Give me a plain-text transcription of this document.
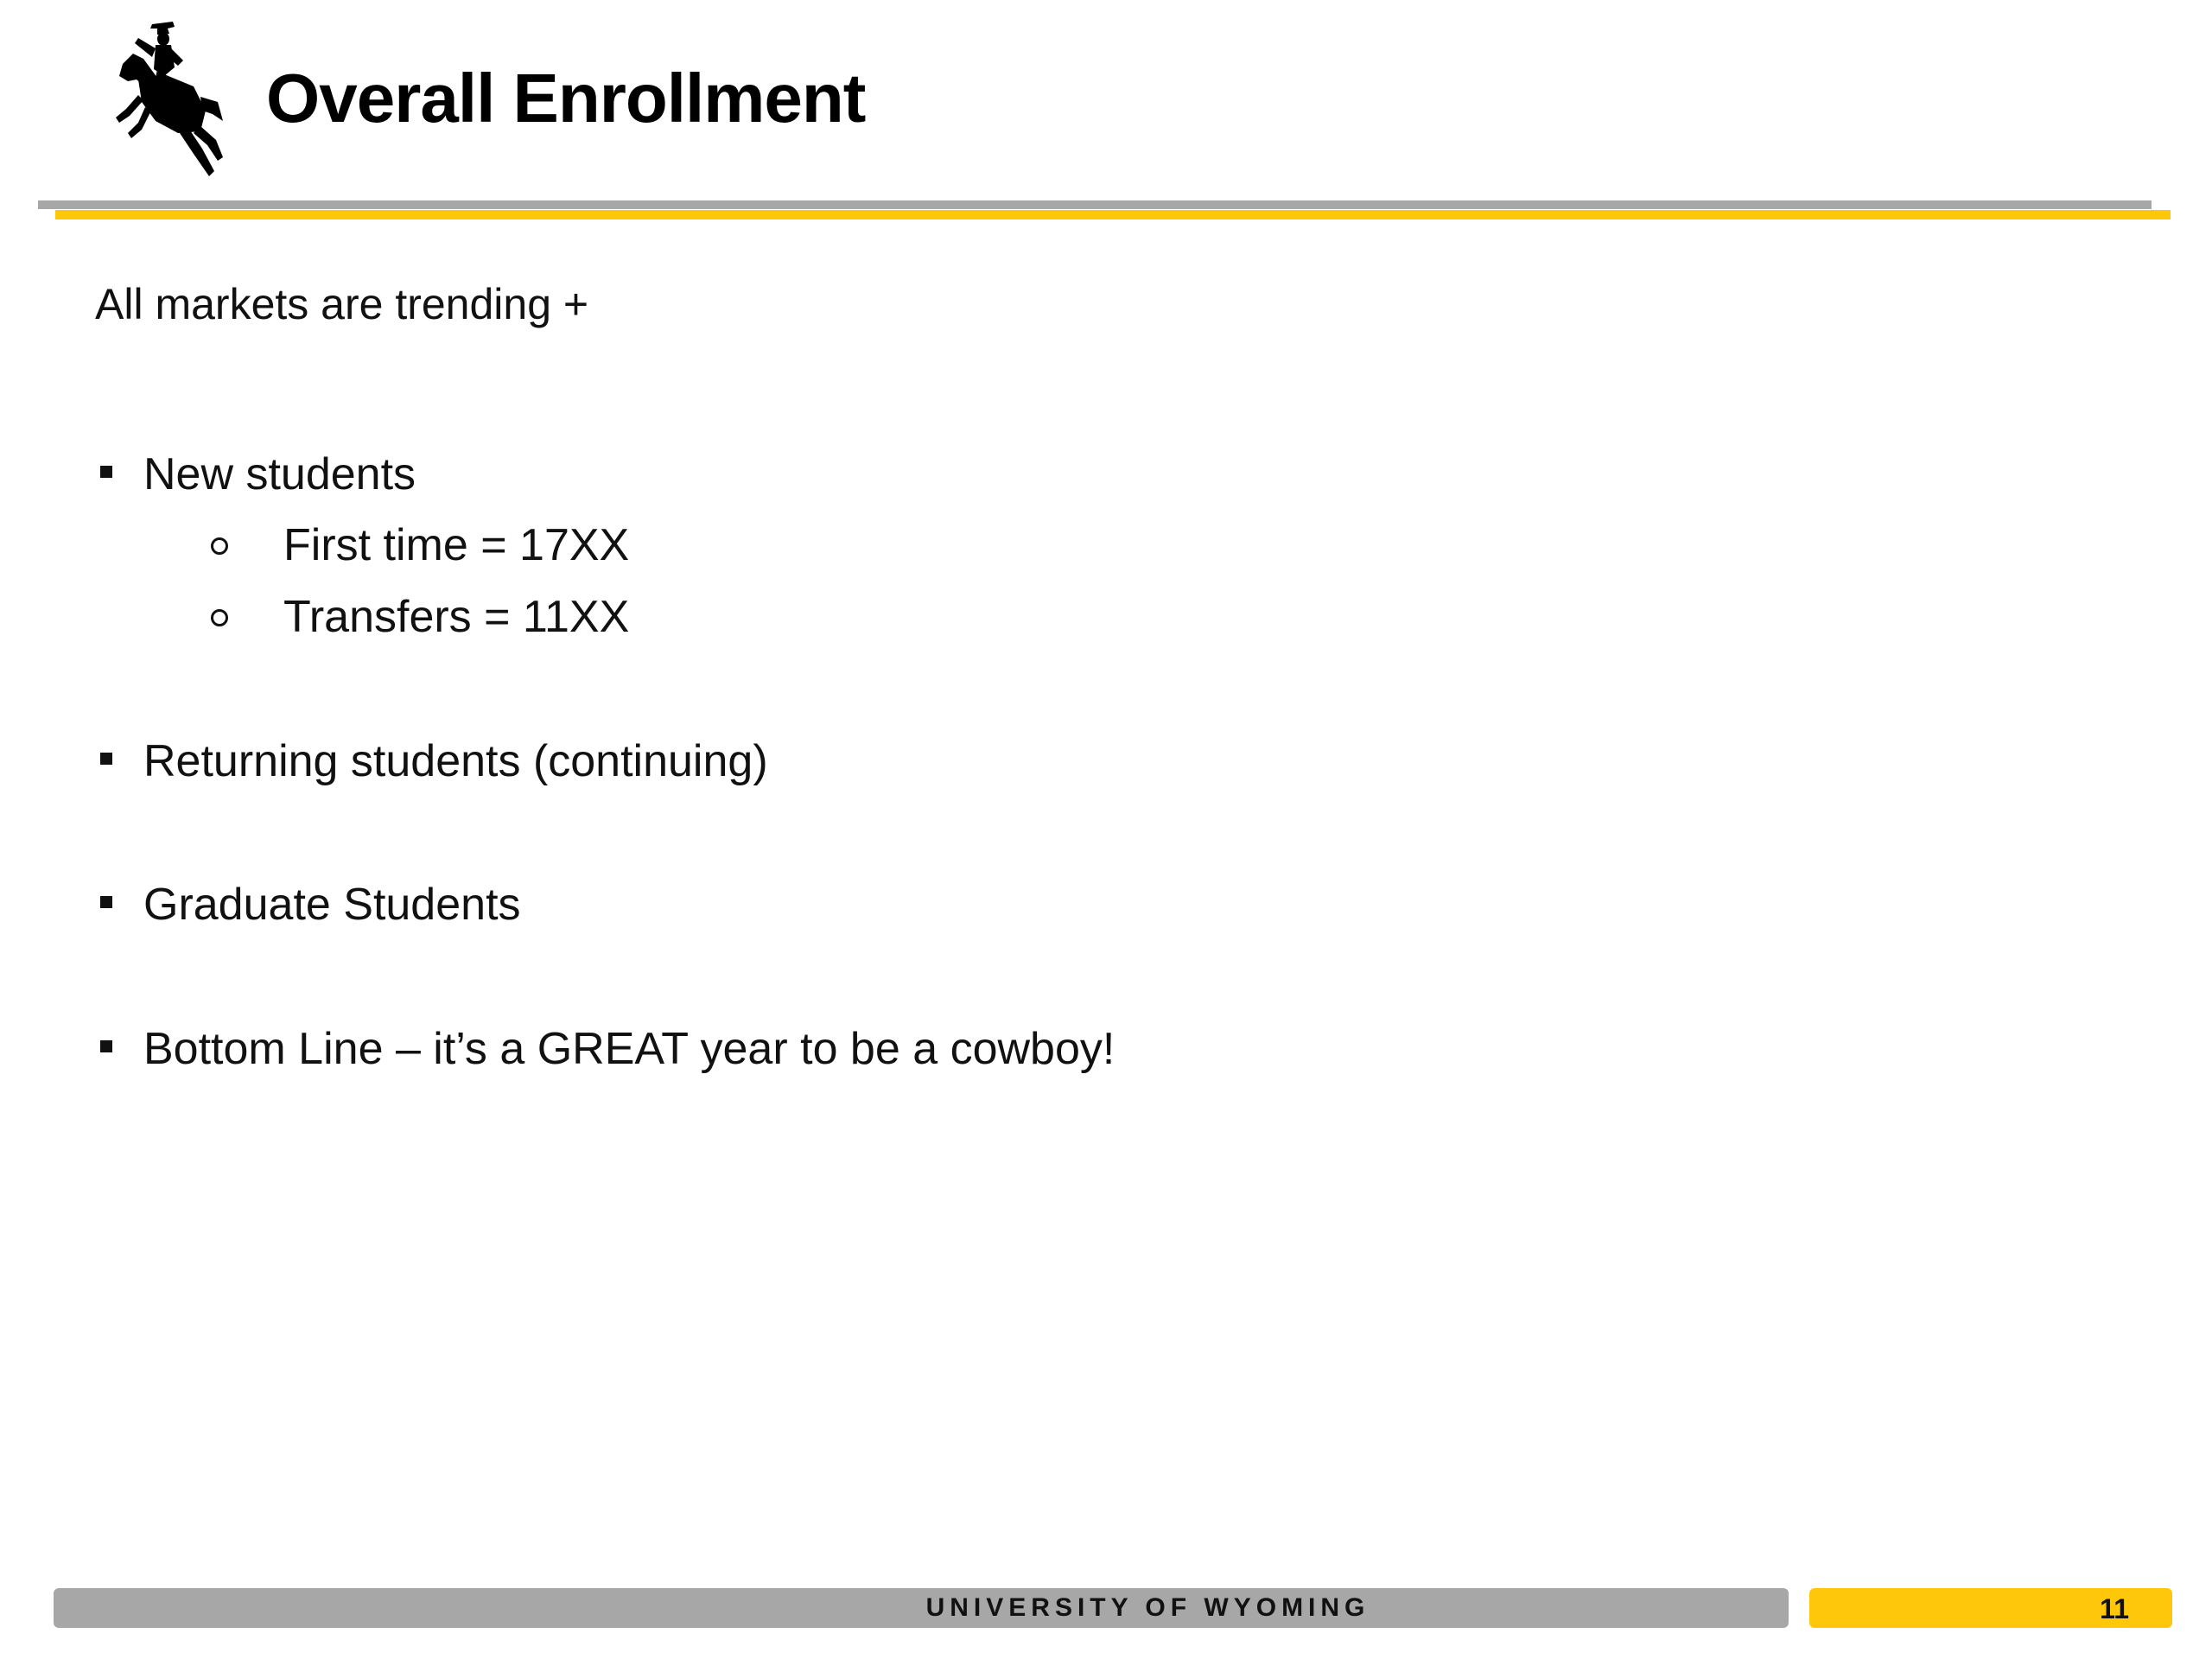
Overall Enrollment
All markets are trending +
New students
First time = 17XX
Transfers = 11XX
Returning students (continuing)
Graduate Students
Bottom Line – it’s a GREAT year to be a cowboy!
UNIVERSITY OF WYOMING	11
